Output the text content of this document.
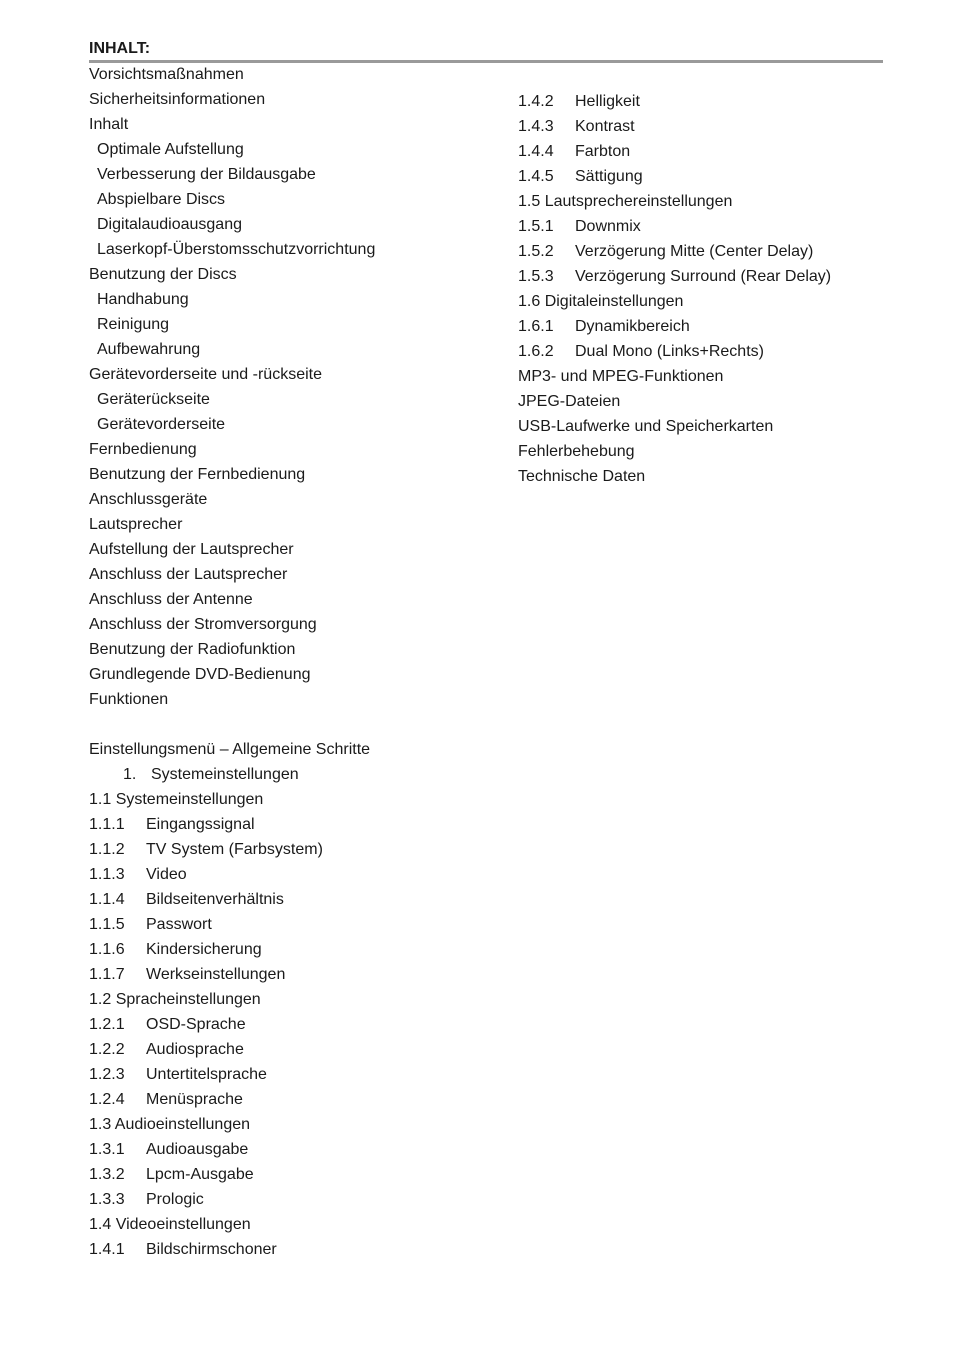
INHALT:
Vorsichtsmaßnahmen
Sicherheitsinformationen
Inhalt
Optimale Aufstellung
Verbesserung der Bildausgabe
Abspielbare Discs
Digitalaudioausgang
Laserkopf-Überstomsschutzvorrichtung
Benutzung der Discs
Handhabung
Reinigung
Aufbewahrung
Gerätevorderseite und -rückseite
Geräterückseite
Gerätevorderseite
Fernbedienung
Benutzung der Fernbedienung
Anschlussgeräte
Lautsprecher
Aufstellung der Lautsprecher
Anschluss der Lautsprecher
Anschluss der Antenne
Anschluss der Stromversorgung
Benutzung der Radiofunktion
Grundlegende DVD-Bedienung
Funktionen
Einstellungsmenü – Allgemeine Schritte
1. Systemeinstellungen
1.1 Systemeinstellungen
1.1.1	Eingangssignal
1.1.2	TV System (Farbsystem)
1.1.3	Video
1.1.4	Bildseitenverhältnis
1.1.5	Passwort
1.1.6	Kindersicherung
1.1.7	Werkseinstellungen
1.2 Spracheinstellungen
1.2.1	OSD-Sprache
1.2.2	Audiosprache
1.2.3	Untertitelsprache
1.2.4	Menüsprache
1.3 Audioeinstellungen
1.3.1	Audioausgabe
1.3.2	Lpcm-Ausgabe
1.3.3	Prologic
1.4 Videoeinstellungen
1.4.1	Bildschirmschoner
1.4.2	Helligkeit
1.4.3	Kontrast
1.4.4	Farbton
1.4.5	Sättigung
1.5 Lautsprechereinstellungen
1.5.1	Downmix
1.5.2	Verzögerung Mitte (Center Delay)
1.5.3	Verzögerung Surround (Rear Delay)
1.6 Digitaleinstellungen
1.6.1	Dynamikbereich
1.6.2	Dual Mono (Links+Rechts)
MP3- und MPEG-Funktionen
JPEG-Dateien
USB-Laufwerke und Speicherkarten
Fehlerbehebung
Technische Daten
